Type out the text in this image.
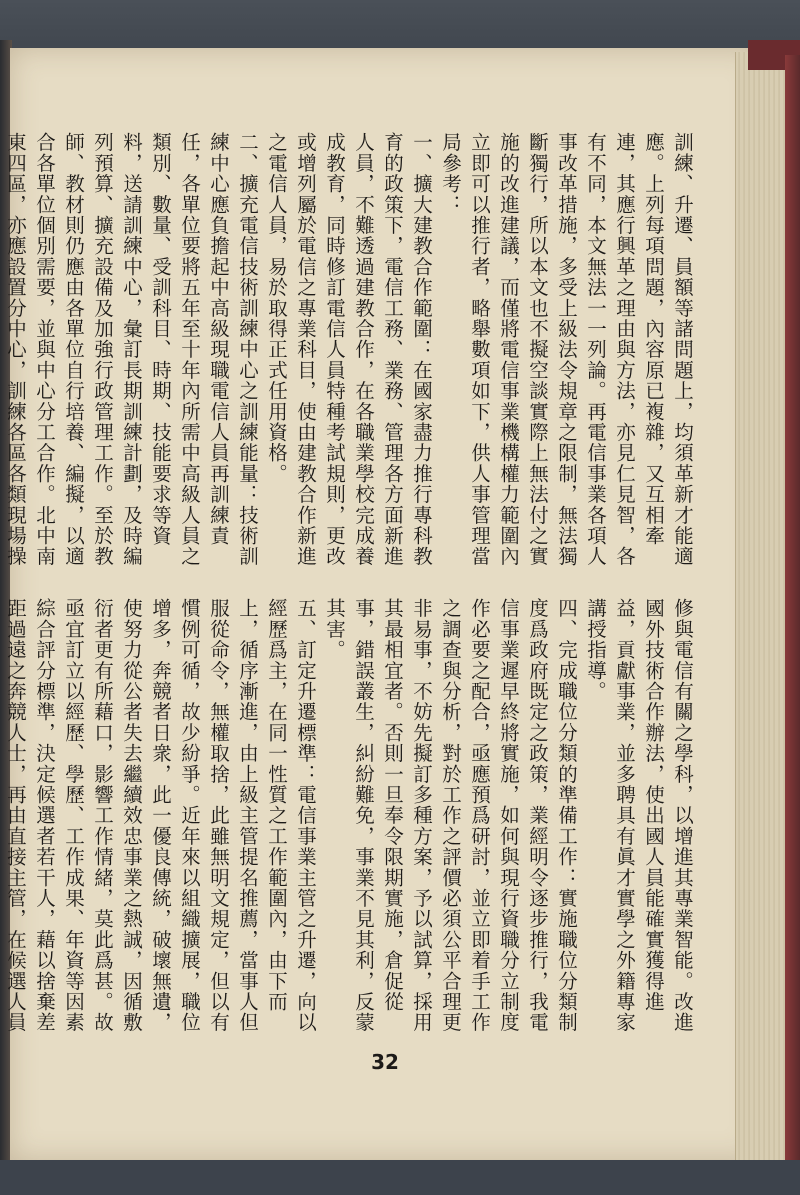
訓練、升遷、員額等諸問題上，均須革新才能適應。上列每項問題，內容原已複雜，又互相牽連，其應行興革之理由與方法，亦見仁見智，各有不同，本文無法一一列論。再電信事業各項人事改革措施，多受上級法令規章之限制，無法獨斷獨行，所以本文也不擬空談實際上無法付之實施的改進建議，而僅將電信事業機構權力範圍內立即可以推行者，略舉數項如下，供人事管理當局參考：

一、擴大建教合作範圍：在國家盡力推行專科教育的政策下，電信工務、業務、管理各方面新進人員，不難透過建教合作，在各職業學校完成養成教育，同時修訂電信人員特種考試規則，更改或增列屬於電信之專業科目，使由建教合作新進之電信人員，易於取得正式任用資格。

二、擴充電信技術訓練中心之訓練能量：技術訓練中心應負擔起中高級現職電信人員再訓練責任，各單位要將五年至十年內所需中高級人員之類別、數量、受訓科目、時期、技能要求等資料，送請訓練中心，彙訂長期訓練計劃，及時編列預算、擴充設備及加強行政管理工作。至於教師、教材則仍應由各單位自行培養、編擬，以適合各單位個別需要，並與中心分工合作。北中南東四區，亦應設置分中心，訓練各區各類現場操

修與電信有關之學科，以增進其專業智能。改進國外技術合作辦法，使出國人員能確實獲得進益，貢獻事業，並多聘具有眞才實學之外籍專家講授指導。

四、完成職位分類的準備工作：實施職位分類制度爲政府既定之政策，業經明令逐步推行，我電信事業遲早終將實施，如何與現行資職分立制度作必要之配合，亟應預爲研討，並立即着手工作之調查與分析，對於工作之評價必須公平合理更非易事，不妨先擬訂多種方案，予以試算，採用其最相宜者。否則一旦奉令限期實施，倉促從事，錯誤叢生，糾紛難免，事業不見其利，反蒙其害。

五、訂定升遷標準：電信事業主管之升遷，向以經歷爲主，在同一性質之工作範圍內，由下而上，循序漸進，由上級主管提名推薦，當事人但服從命令，無權取捨，此雖無明文規定，但以有慣例可循，故少紛爭。近年來以組織擴展，職位增多，奔競者日衆，此一優良傳統，破壞無遺，使努力從公者失去繼續效忠事業之熱誠，因循敷衍者更有所藉口，影響工作情緒，莫此爲甚。故亟宜訂立以經歷、學歷、工作成果、年資等因素綜合評分標準，決定候選者若干人，藉以捨棄差距過遠之奔競人士，再由直接主管，在候選人員

32
